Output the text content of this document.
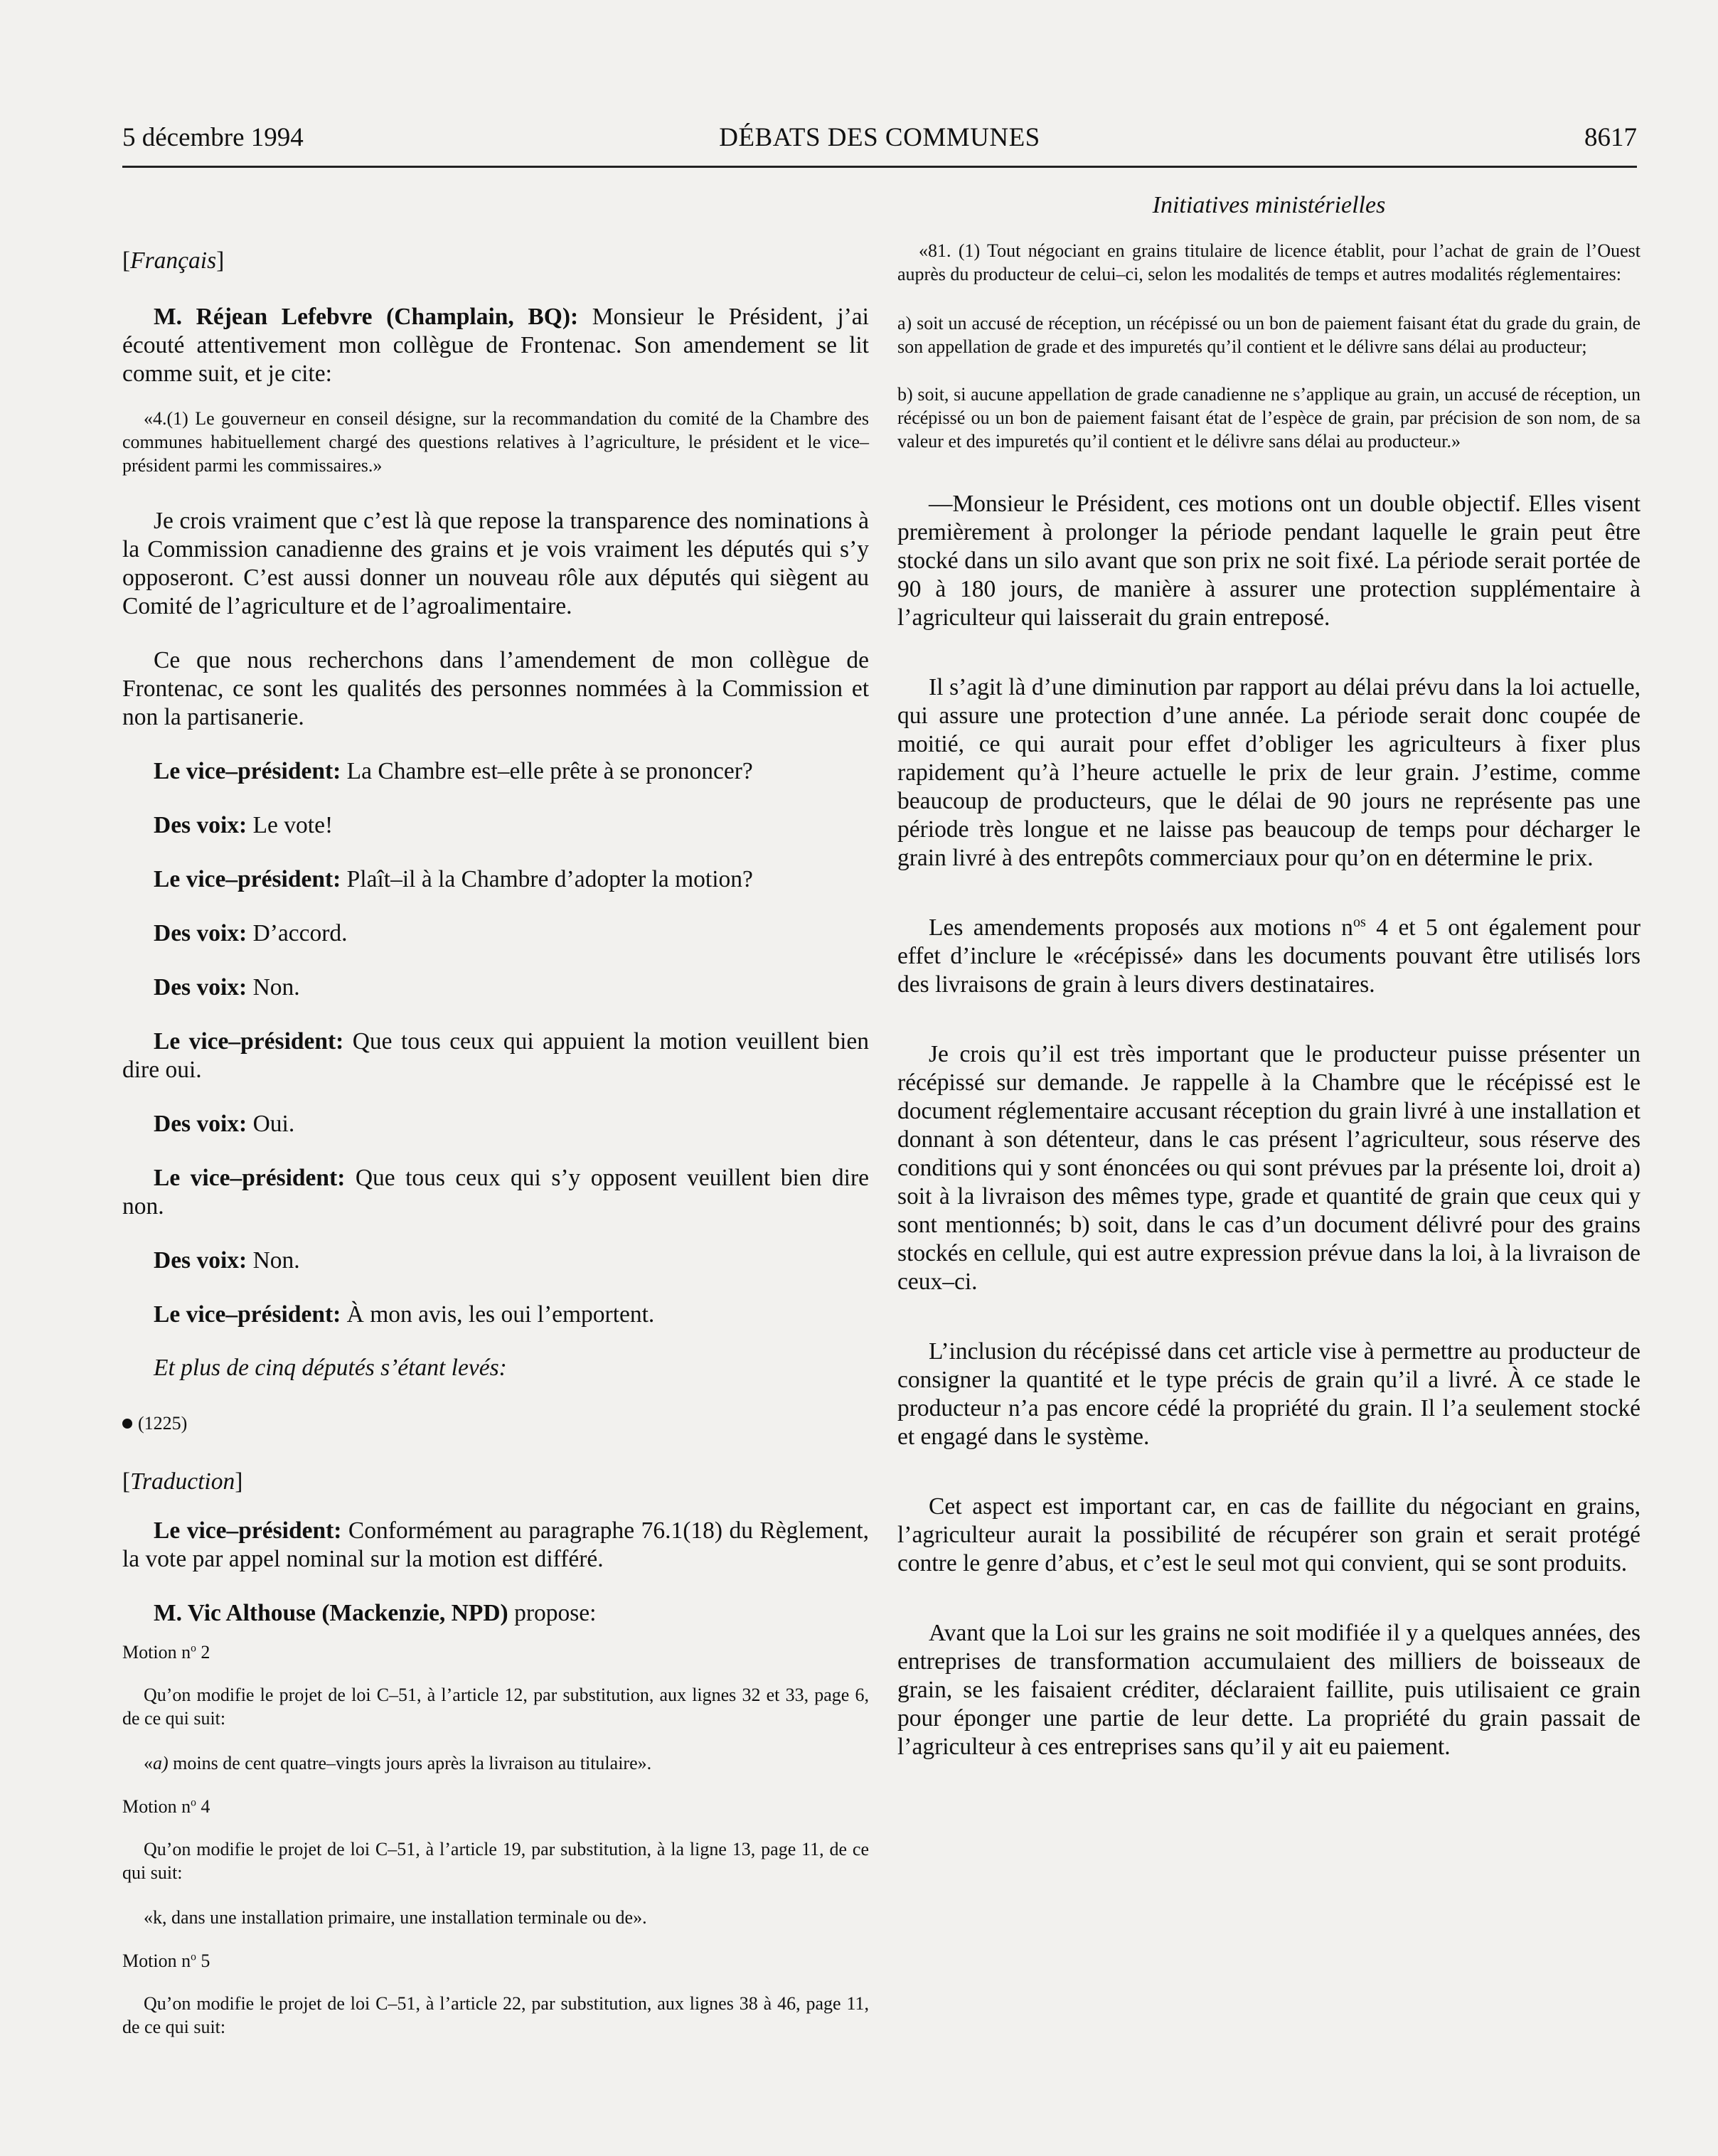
5 décembre 1994	DÉBATS DES COMMUNES	8617
[Français]

M. Réjean Lefebvre (Champlain, BQ): Monsieur le Président, j’ai écouté attentivement mon collègue de Frontenac. Son amendement se lit comme suit, et je cite:

«4.(1) Le gouverneur en conseil désigne, sur la recommandation du comité de la Chambre des communes habituellement chargé des questions relatives à l’agriculture, le président et le vice–président parmi les commissaires.»

Je crois vraiment que c’est là que repose la transparence des nominations à la Commission canadienne des grains et je vois vraiment les députés qui s’y opposeront. C’est aussi donner un nouveau rôle aux députés qui siègent au Comité de l’agriculture et de l’agroalimentaire.

Ce que nous recherchons dans l’amendement de mon collègue de Frontenac, ce sont les qualités des personnes nommées à la Commission et non la partisanerie.

Le vice–président: La Chambre est–elle prête à se prononcer?

Des voix: Le vote!

Le vice–président: Plaît–il à la Chambre d’adopter la motion?

Des voix: D’accord.

Des voix: Non.

Le vice–président: Que tous ceux qui appuient la motion veuillent bien dire oui.

Des voix: Oui.

Le vice–président: Que tous ceux qui s’y opposent veuillent bien dire non.

Des voix: Non.

Le vice–président: À mon avis, les oui l’emportent.

Et plus de cinq députés s’étant levés:

(1225)
[Traduction]

Le vice–président: Conformément au paragraphe 76.1(18) du Règlement, la vote par appel nominal sur la motion est différé.

M. Vic Althouse (Mackenzie, NPD) propose:

Motion $n^o$ 2

Qu’on modifie le projet de loi C–51, à l’article 12, par substitution, aux lignes 32 et 33, page 6, de ce qui suit:

«a) moins de cent quatre–vingts jours après la livraison au titulaire».

Motion $n^o$ 4

Qu’on modifie le projet de loi C–51, à l’article 19, par substitution, à la ligne 13, page 11, de ce qui suit:

«k, dans une installation primaire, une installation terminale ou de».

Motion $n^o$ 5

Qu’on modifie le projet de loi C–51, à l’article 22, par substitution, aux lignes 38 à 46, page 11, de ce qui suit:

Initiatives ministérielles

«81. (1) Tout négociant en grains titulaire de licence établit, pour l’achat de grain de l’Ouest auprès du producteur de celui–ci, selon les modalités de temps et autres modalités réglementaires:

a) soit un accusé de réception, un récépissé ou un bon de paiement faisant état du grade du grain, de son appellation de grade et des impuretés qu’il contient et le délivre sans délai au producteur;

b) soit, si aucune appellation de grade canadienne ne s’applique au grain, un accusé de réception, un récépissé ou un bon de paiement faisant état de l’espèce de grain, par précision de son nom, de sa valeur et des impuretés qu’il contient et le délivre sans délai au producteur.»

—Monsieur le Président, ces motions ont un double objectif. Elles visent premièrement à prolonger la période pendant laquelle le grain peut être stocké dans un silo avant que son prix ne soit fixé. La période serait portée de 90 à 180 jours, de manière à assurer une protection supplémentaire à l’agriculteur qui laisserait du grain entreposé.

Il s’agit là d’une diminution par rapport au délai prévu dans la loi actuelle, qui assure une protection d’une année. La période serait donc coupée de moitié, ce qui aurait pour effet d’obliger les agriculteurs à fixer plus rapidement qu’à l’heure actuelle le prix de leur grain. J’estime, comme beaucoup de producteurs, que le délai de 90 jours ne représente pas une période très longue et ne laisse pas beaucoup de temps pour décharger le grain livré à des entrepôts commerciaux pour qu’on en détermine le prix.

Les amendements proposés aux motions $n^{os}$ 4 et 5 ont également pour effet d’inclure le «récépissé» dans les documents pouvant être utilisés lors des livraisons de grain à leurs divers destinataires.

Je crois qu’il est très important que le producteur puisse présenter un récépissé sur demande. Je rappelle à la Chambre que le récépissé est le document réglementaire accusant réception du grain livré à une installation et donnant à son détenteur, dans le cas présent l’agriculteur, sous réserve des conditions qui y sont énoncées ou qui sont prévues par la présente loi, droit a) soit à la livraison des mêmes type, grade et quantité de grain que ceux qui y sont mentionnés; b) soit, dans le cas d’un document délivré pour des grains stockés en cellule, qui est autre expression prévue dans la loi, à la livraison de ceux–ci.

L’inclusion du récépissé dans cet article vise à permettre au producteur de consigner la quantité et le type précis de grain qu’il a livré. À ce stade le producteur n’a pas encore cédé la propriété du grain. Il l’a seulement stocké et engagé dans le système.

Cet aspect est important car, en cas de faillite du négociant en grains, l’agriculteur aurait la possibilité de récupérer son grain et serait protégé contre le genre d’abus, et c’est le seul mot qui convient, qui se sont produits.

Avant que la Loi sur les grains ne soit modifiée il y a quelques années, des entreprises de transformation accumulaient des milliers de boisseaux de grain, se les faisaient créditer, déclaraient faillite, puis utilisaient ce grain pour éponger une partie de leur dette. La propriété du grain passait de l’agriculteur à ces entreprises sans qu’il y ait eu paiement.
